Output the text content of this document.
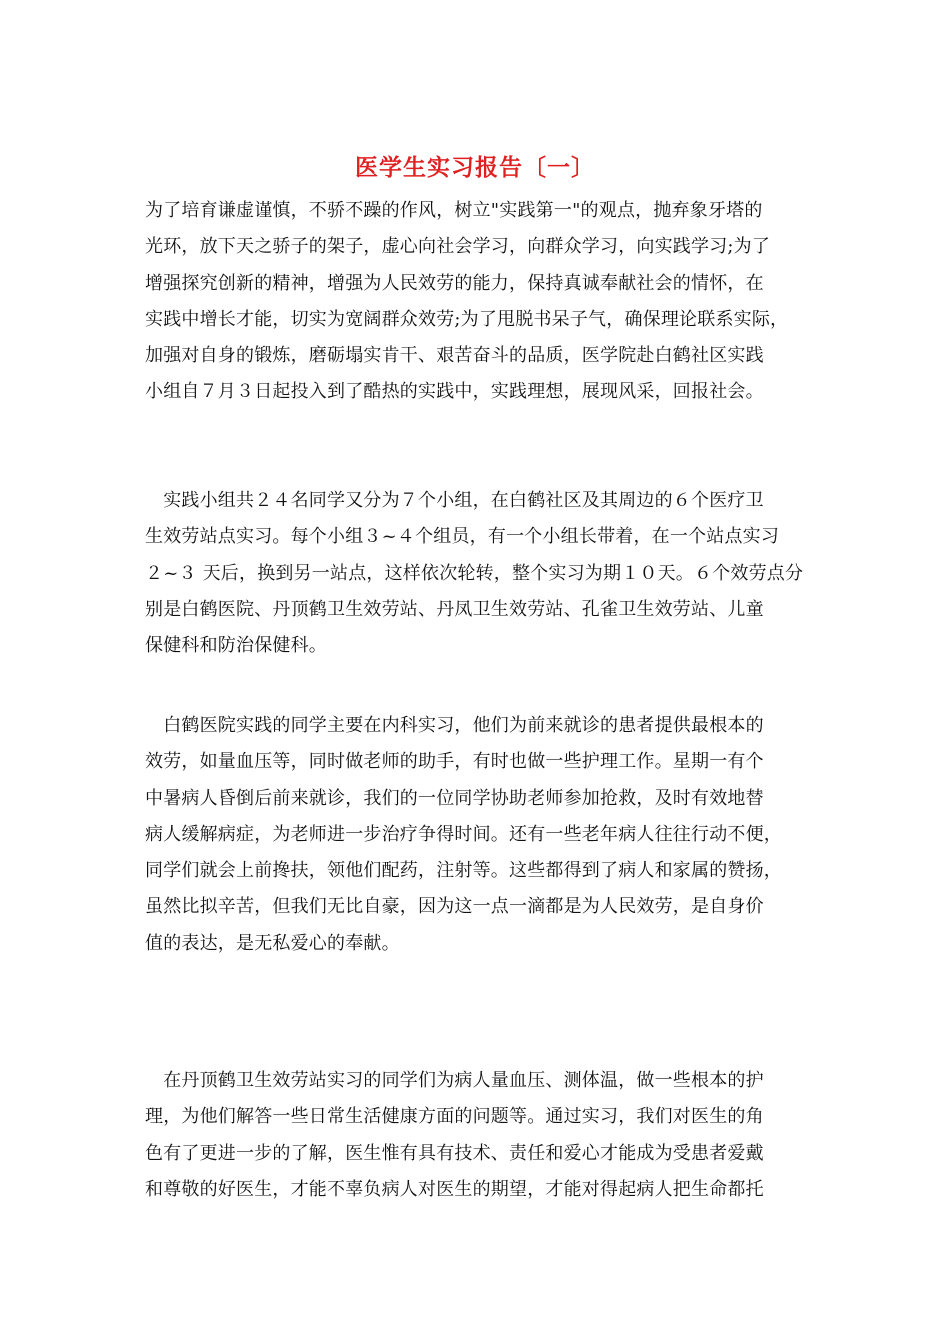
医学生实习报告〔一〕
为了培育谦虚谨慎，不骄不躁的作风，树立"实践第一"的观点，抛弃象牙塔的
光环，放下天之骄子的架子，虚心向社会学习，向群众学习，向实践学习;为了
增强探究创新的精神，增强为人民效劳的能力，保持真诚奉献社会的情怀，在
实践中增长才能，切实为宽阔群众效劳;为了甩脱书呆子气，确保理论联系实际，
加强对自身的锻炼，磨砺塌实肯干、艰苦奋斗的品质，医学院赴白鹤社区实践
小组自７月３日起投入到了酷热的实践中，实践理想，展现风采，回报社会。
　实践小组共２４名同学又分为７个小组，在白鹤社区及其周边的６个医疗卫
生效劳站点实习。每个小组３~４个组员，有一个小组长带着，在一个站点实习
２~３ 天后，换到另一站点，这样依次轮转，整个实习为期１０天。６个效劳点分
别是白鹤医院、丹顶鹤卫生效劳站、丹凤卫生效劳站、孔雀卫生效劳站、儿童
保健科和防治保健科。
　白鹤医院实践的同学主要在内科实习，他们为前来就诊的患者提供最根本的
效劳，如量血压等，同时做老师的助手，有时也做一些护理工作。星期一有个
中暑病人昏倒后前来就诊，我们的一位同学协助老师参加抢救，及时有效地替
病人缓解病症，为老师进一步治疗争得时间。还有一些老年病人往往行动不便，
同学们就会上前搀扶，领他们配药，注射等。这些都得到了病人和家属的赞扬，
虽然比拟辛苦，但我们无比自豪，因为这一点一滴都是为人民效劳，是自身价
值的表达，是无私爱心的奉献。
　在丹顶鹤卫生效劳站实习的同学们为病人量血压、测体温，做一些根本的护
理，为他们解答一些日常生活健康方面的问题等。通过实习，我们对医生的角
色有了更进一步的了解，医生惟有具有技术、责任和爱心才能成为受患者爱戴
和尊敬的好医生，才能不辜负病人对医生的期望，才能对得起病人把生命都托
